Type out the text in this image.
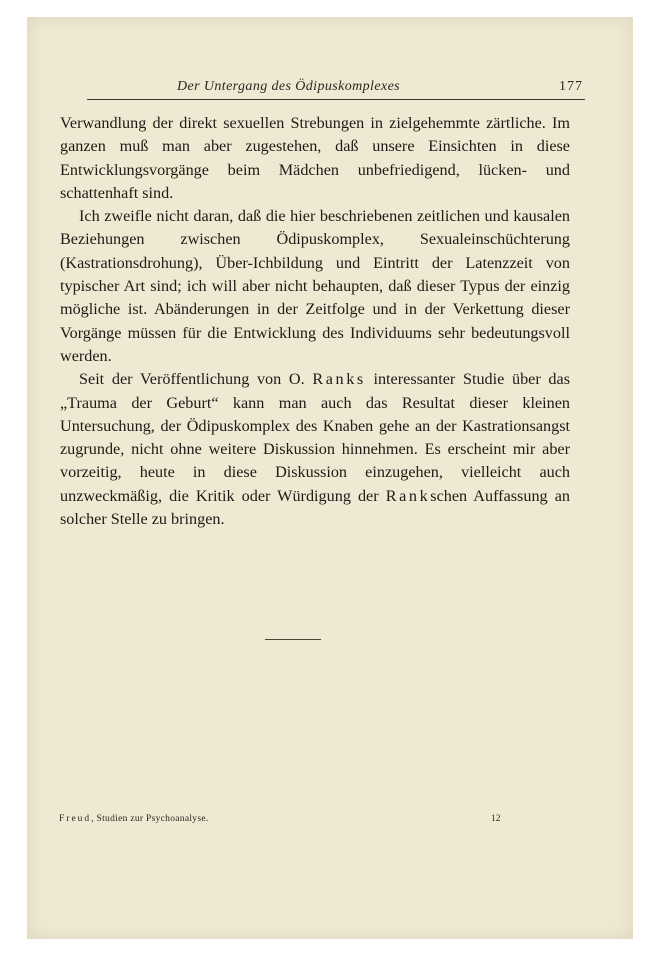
Der Untergang des Ödipuskomplexes	177

Verwandlung der direkt sexuellen Strebungen in zielgehemmte zärtliche. Im ganzen muß man aber zugestehen, daß unsere Einsichten in diese Entwicklungsvorgänge beim Mädchen unbefriedigend, lücken- und schattenhaft sind.

Ich zweifle nicht daran, daß die hier beschriebenen zeitlichen und kausalen Beziehungen zwischen Ödipuskomplex, Sexualeinschüchterung (Kastrationsdrohung), Über-Ichbildung und Eintritt der Latenzzeit von typischer Art sind; ich will aber nicht behaupten, daß dieser Typus der einzig mögliche ist. Abänderungen in der Zeitfolge und in der Verkettung dieser Vorgänge müssen für die Entwicklung des Individuums sehr bedeutungsvoll werden.

Seit der Veröffentlichung von O. Ranks interessanter Studie über das „Trauma der Geburt“ kann man auch das Resultat dieser kleinen Untersuchung, der Ödipuskomplex des Knaben gehe an der Kastrationsangst zugrunde, nicht ohne weitere Diskussion hinnehmen. Es erscheint mir aber vorzeitig, heute in diese Diskussion einzugehen, vielleicht auch unzweckmäßig, die Kritik oder Würdigung der Rankschen Auffassung an solcher Stelle zu bringen.

Freud, Studien zur Psychoanalyse.	12
